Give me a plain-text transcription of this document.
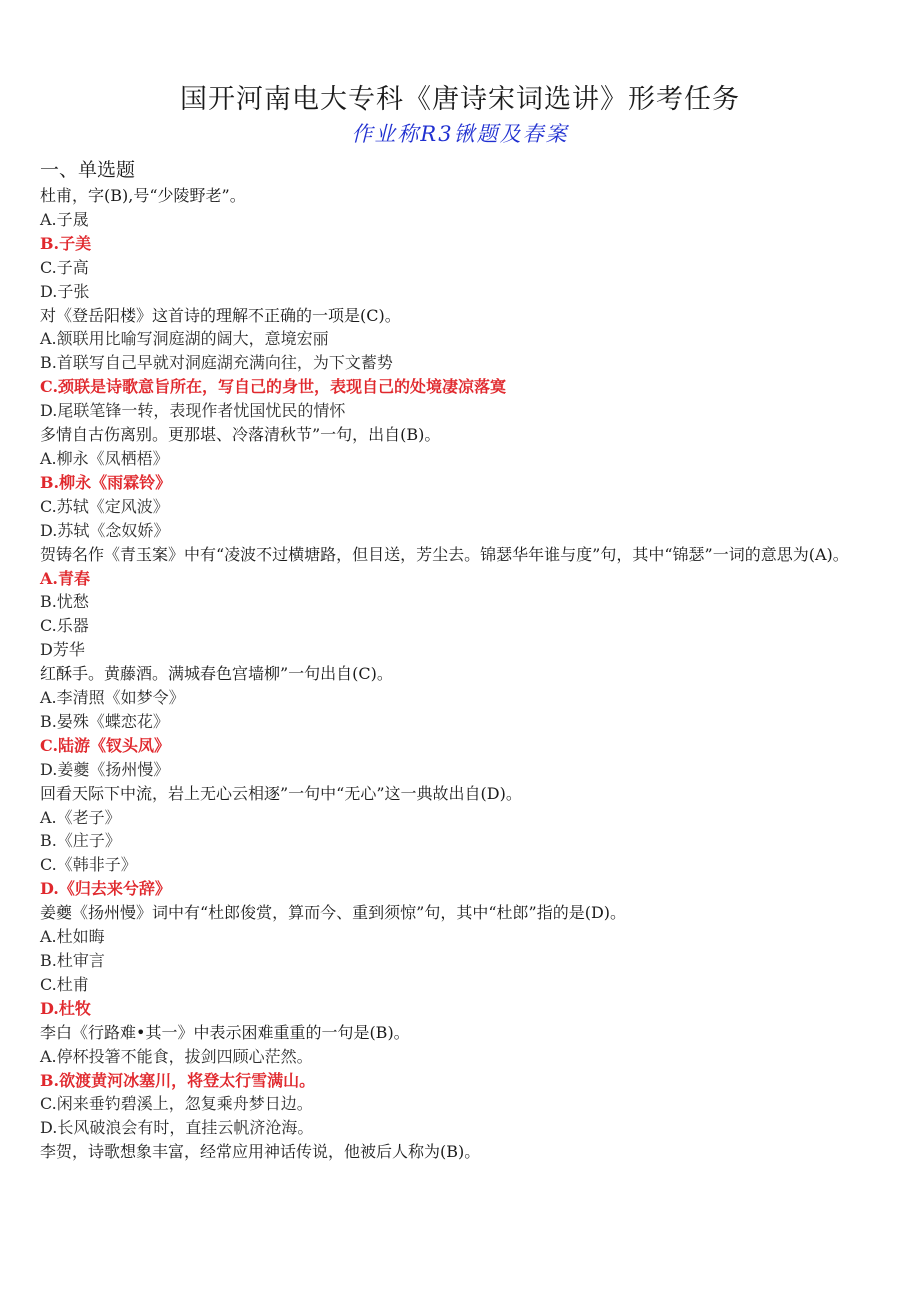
国开河南电大专科《唐诗宋词选讲》形考任务
作业称R3锹题及春案
一、单选题
杜甫，字(B),号“少陵野老”。
A.子晟
B.子美
C.子高
D.子张
对《登岳阳楼》这首诗的理解不正确的一项是(C)。
A.颔联用比喻写洞庭湖的阔大，意境宏丽
B.首联写自己早就对洞庭湖充满向往，为下文蓄势
C.颈联是诗歌意旨所在，写自己的身世，表现自己的处境凄凉落寞
D.尾联笔锋一转，表现作者忧国忧民的情怀
多情自古伤离别。更那堪、冷落清秋节”一句，出自(B)。
A.柳永《凤栖梧》
B.柳永《雨霖铃》
C.苏轼《定风波》
D.苏轼《念奴娇》
贺铸名作《青玉案》中有“凌波不过横塘路，但目送，芳尘去。锦瑟华年谁与度”句，其中“锦瑟”一词的意思为(A)。
A.青春
B.忧愁
C.乐器
D芳华
红酥手。黄藤酒。满城春色宫墙柳”一句出自(C)。
A.李清照《如梦令》
B.晏殊《蝶恋花》
C.陆游《钗头凤》
D.姜夔《扬州慢》
回看天际下中流，岩上无心云相逐”一句中“无心”这一典故出自(D)。
A.《老子》
B.《庄子》
C.《韩非子》
D.《归去来兮辞》
姜夔《扬州慢》词中有“杜郎俊赏，算而今、重到须惊”句，其中“杜郎”指的是(D)。
A.杜如晦
B.杜审言
C.杜甫
D.杜牧
李白《行路难•其一》中表示困难重重的一句是(B)。
A.停杯投箸不能食，拔剑四顾心茫然。
B.欲渡黄河冰塞川，将登太行雪满山。
C.闲来垂钓碧溪上，忽复乘舟梦日边。
D.长风破浪会有时，直挂云帆济沧海。
李贺，诗歌想象丰富，经常应用神话传说，他被后人称为(B)。
